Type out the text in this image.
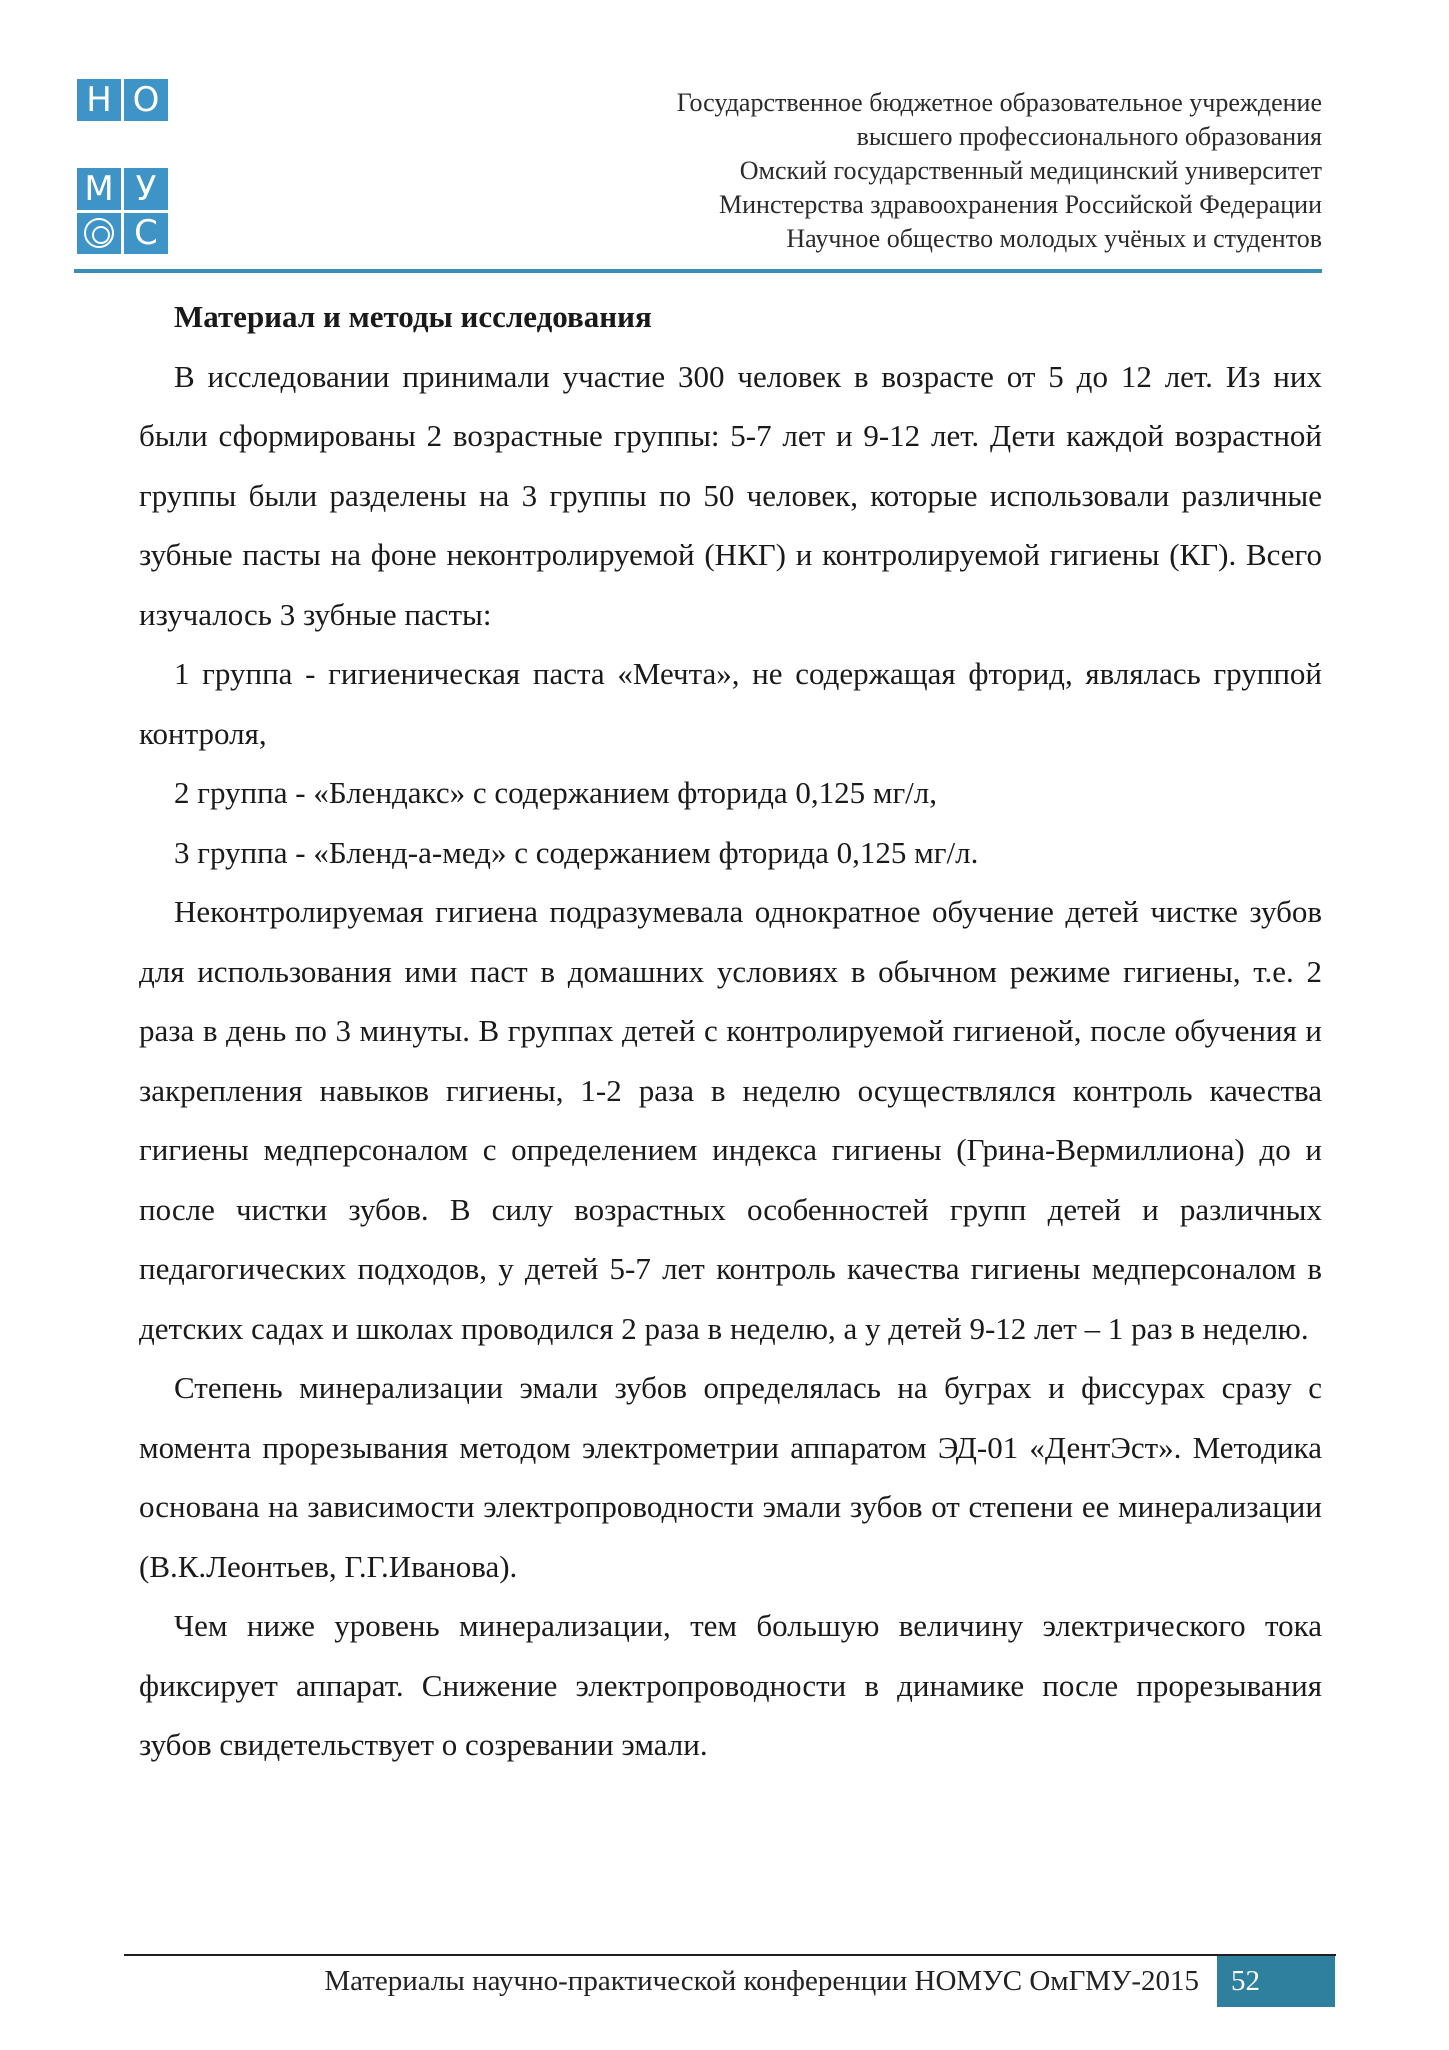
Н О
М У
С
Государственное бюджетное образовательное учреждение
высшего профессионального образования
Омский государственный медицинский университет
Минстерства здравоохранения Российской Федерации
Научное общество молодых учёных и студентов

Материал и методы исследования

В исследовании принимали участие 300 человек в возрасте от 5 до 12 лет. Из них были сформированы 2 возрастные группы: 5-7 лет и 9-12 лет. Дети каждой возрастной группы были разделены на 3 группы по 50 человек, которые использовали различные зубные пасты на фоне неконтролируемой (НКГ) и контролируемой гигиены (КГ). Всего изучалось 3 зубные пасты:

1 группа - гигиеническая паста «Мечта», не содержащая фторид, являлась группой контроля,

2 группа - «Блендакс» с содержанием фторида 0,125 мг/л,

3 группа - «Бленд-а-мед» с содержанием фторида 0,125 мг/л.

Неконтролируемая гигиена подразумевала однократное обучение детей чистке зубов для использования ими паст в домашних условиях в обычном режиме гигиены, т.е. 2 раза в день по 3 минуты. В группах детей с контролируемой гигиеной, после обучения и закрепления навыков гигиены, 1-2 раза в неделю осуществлялся контроль качества гигиены медперсоналом с определением индекса гигиены (Грина-Вермиллиона) до и после чистки зубов. В силу возрастных особенностей групп детей и различных педагогических подходов, у детей 5-7 лет контроль качества гигиены медперсоналом в детских садах и школах проводился 2 раза в неделю, а у детей 9-12 лет – 1 раз в неделю.

Степень минерализации эмали зубов определялась на буграх и фиссурах сразу с момента прорезывания методом электрометрии аппаратом ЭД-01 «ДентЭст». Методика основана на зависимости электропроводности эмали зубов от степени ее минерализации (В.К.Леонтьев, Г.Г.Иванова).

Чем ниже уровень минерализации, тем большую величину электрического тока фиксирует аппарат. Снижение электропроводности в динамике после прорезывания зубов свидетельствует о созревании эмали.

Материалы научно-практической конференции НОМУС ОмГМУ-2015	52
